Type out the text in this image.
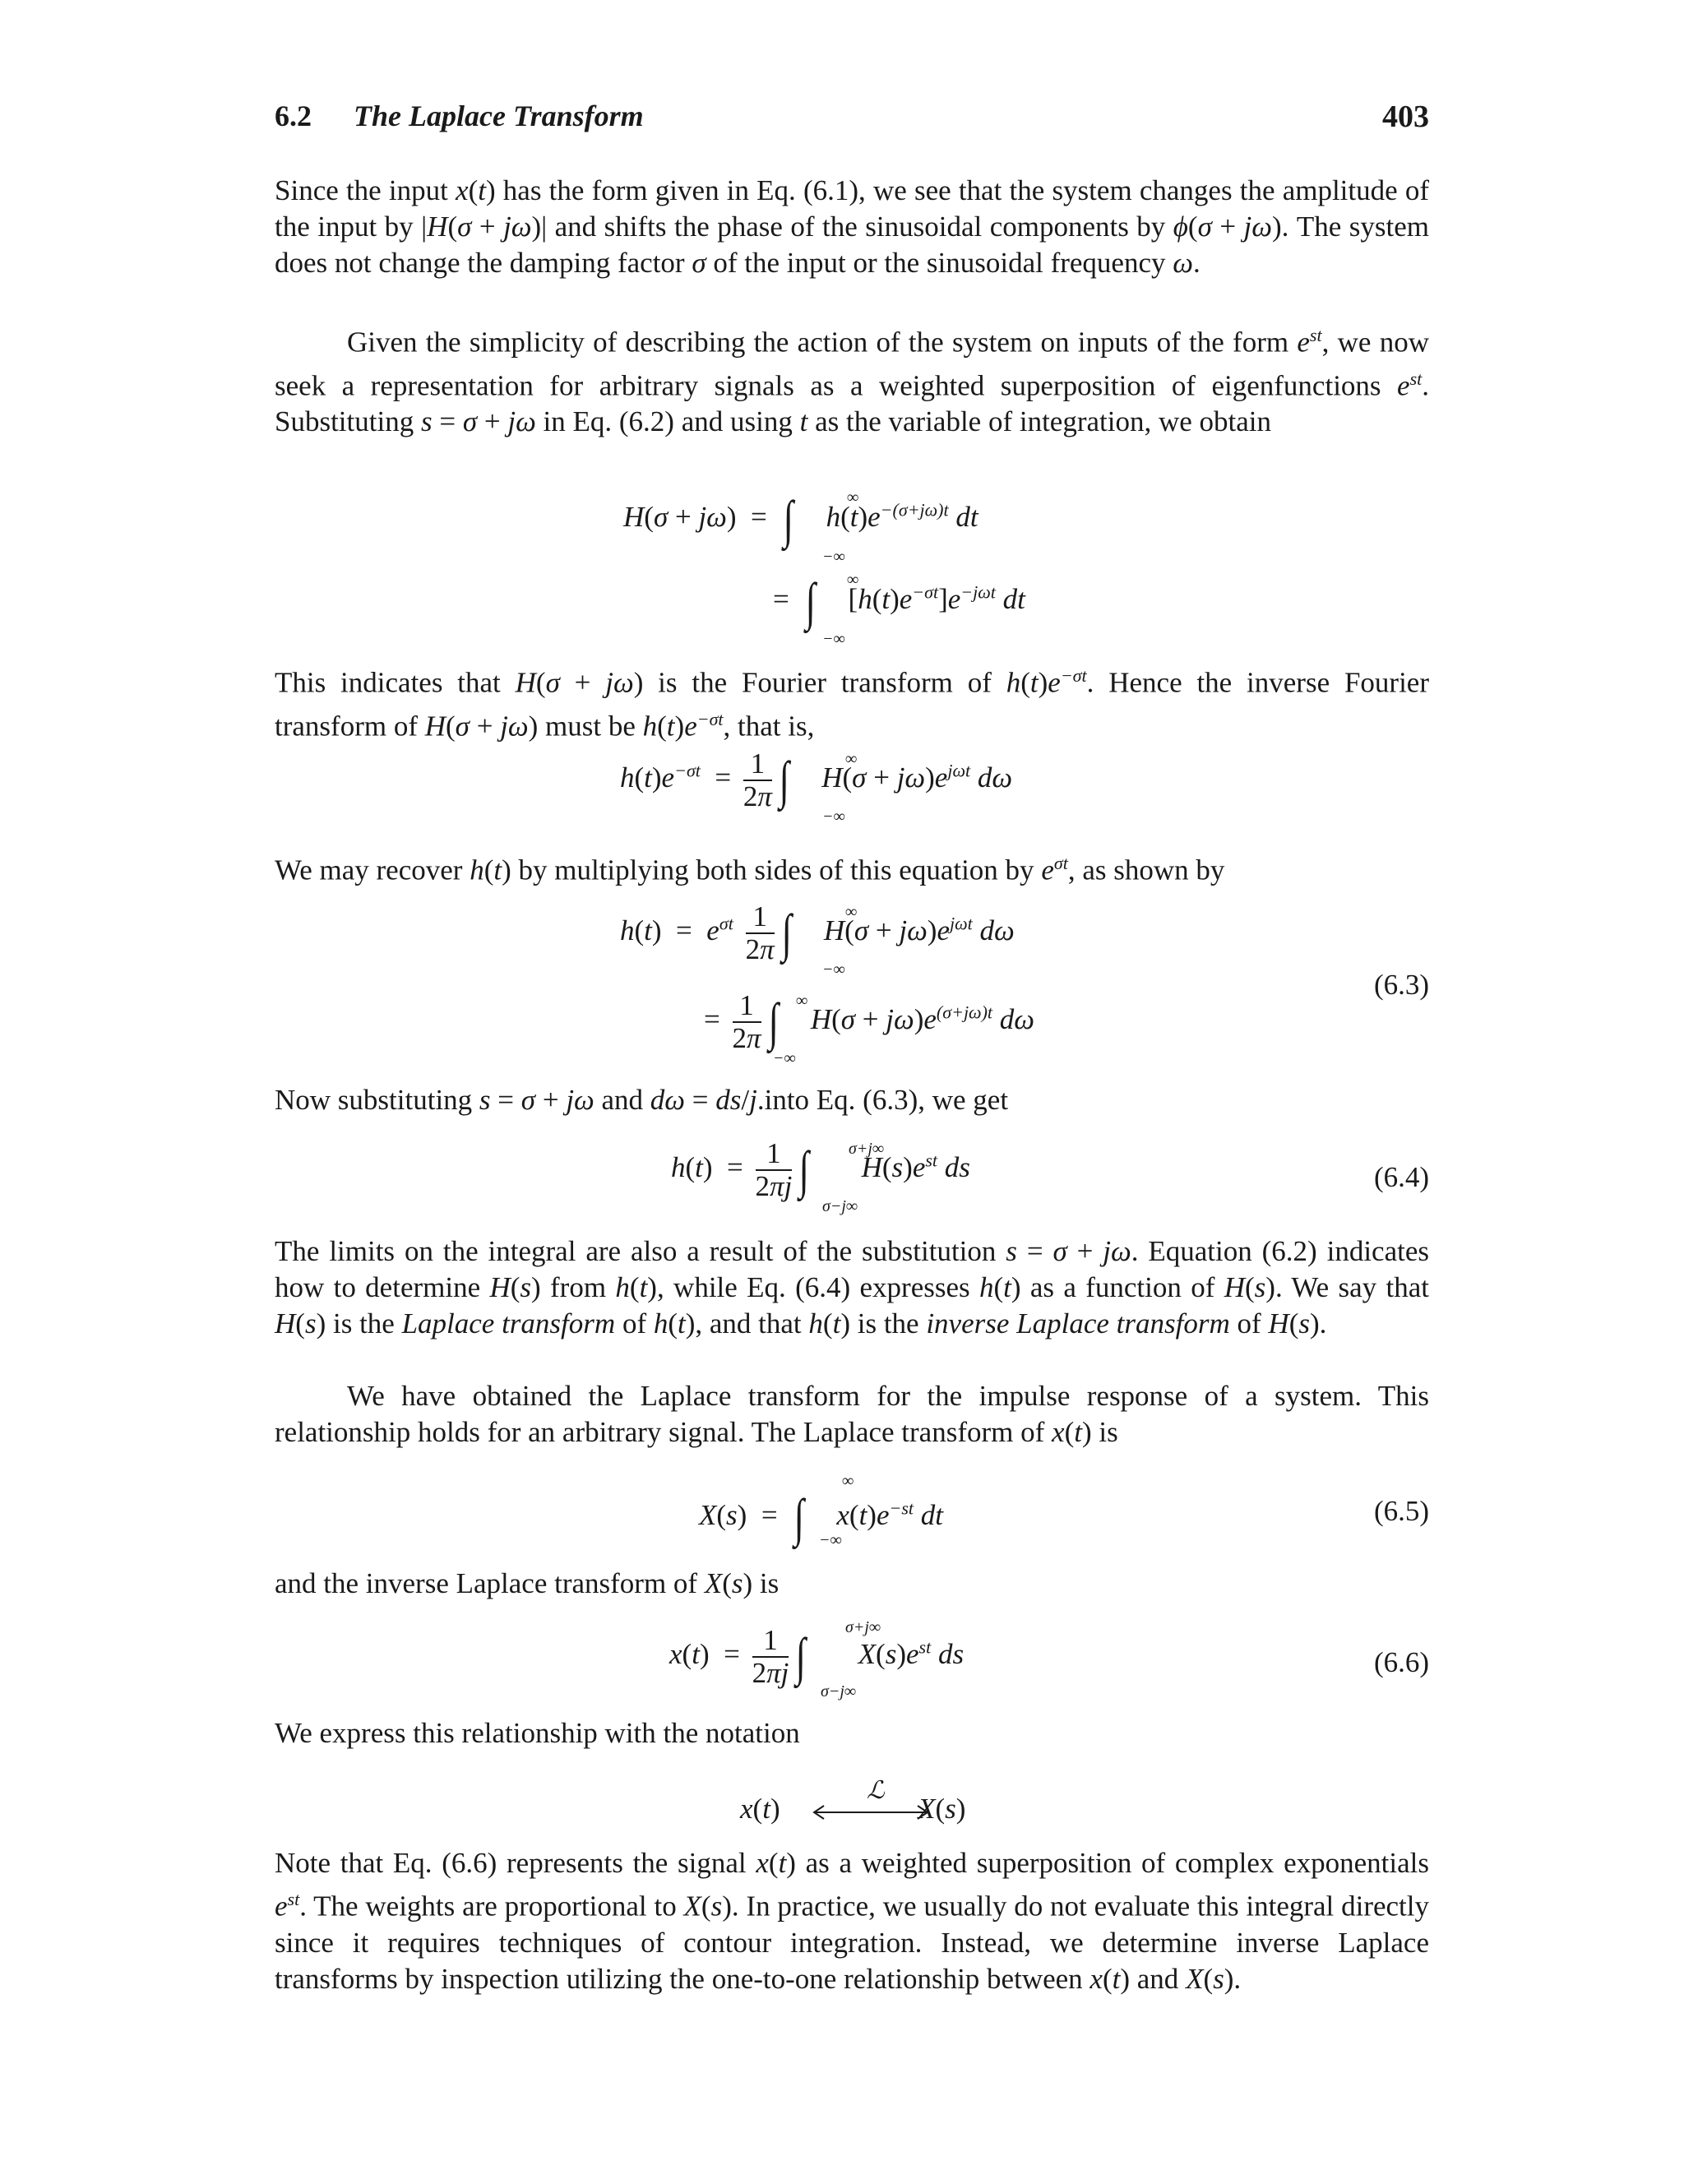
6.2 The Laplace Transform	403

Since the input x(t) has the form given in Eq. (6.1), we see that the system changes the amplitude of the input by |H(σ + jω)| and shifts the phase of the sinusoidal components by ϕ(σ + jω). The system does not change the damping factor σ of the input or the sinusoidal frequency ω.

Given the simplicity of describing the action of the system on inputs of the form $e^{st}$, we now seek a representation for arbitrary signals as a weighted superposition of eigenfunctions $e^{st}$. Substituting s = σ + jω in Eq. (6.2) and using t as the variable of integration, we obtain

H(σ + jω)  =  ∫ $h(t)e^{-(\sigma+j\omega)t}$ dt
∞
−∞
=  ∫ $[h(t)e^{-\sigma t}]e^{-j\omega t}$ dt
∞
−∞

This indicates that H(σ + jω) is the Fourier transform of $h(t)e^{-\sigma t}$. Hence the inverse Fourier transform of H(σ + jω) must be $h(t)e^{-\sigma t}$, that is,

$h(t)e^{-\sigma t} = \frac{1}{2\pi}$ ∫ $H(\sigma + j\omega)e^{j\omega t}$ dω
∞
−∞

We may recover h(t) by multiplying both sides of this equation by $e^{\sigma t}$, as shown by

$h(t) = e^{\sigma t} \frac{1}{2\pi}$ ∫ $H(\sigma + j\omega)e^{j\omega t}$ dω
∞
−∞
= $\frac{1}{2\pi}$ ∫ $H(\sigma + j\omega)e^{(\sigma+j\omega)t}$ dω
∞
−∞
(6.3)

Now substituting s = σ + jω and dω = ds/j.into Eq. (6.3), we get

$h(t) = \frac{1}{2\pi j}$ ∫ $H(s)e^{st}$ ds
σ+j∞
σ−j∞
(6.4)

The limits on the integral are also a result of the substitution s = σ + jω. Equation (6.2) indicates how to determine H(s) from h(t), while Eq. (6.4) expresses h(t) as a function of H(s). We say that H(s) is the Laplace transform of h(t), and that h(t) is the inverse Laplace transform of H(s).

We have obtained the Laplace transform for the impulse response of a system. This relationship holds for an arbitrary signal. The Laplace transform of x(t) is

X(s)  =  ∫ $x(t)e^{-st}$ dt
∞
−∞
(6.5)

and the inverse Laplace transform of X(s) is

$x(t) = \frac{1}{2\pi j}$ ∫ $X(s)e^{st}$ ds
σ+j∞
σ−j∞
(6.6)

We express this relationship with the notation

x(t)	X(s)
ℒ

Note that Eq. (6.6) represents the signal x(t) as a weighted superposition of complex exponentials $e^{st}$. The weights are proportional to X(s). In practice, we usually do not evaluate this integral directly since it requires techniques of contour integration. Instead, we determine inverse Laplace transforms by inspection utilizing the one-to-one relationship between x(t) and X(s).
